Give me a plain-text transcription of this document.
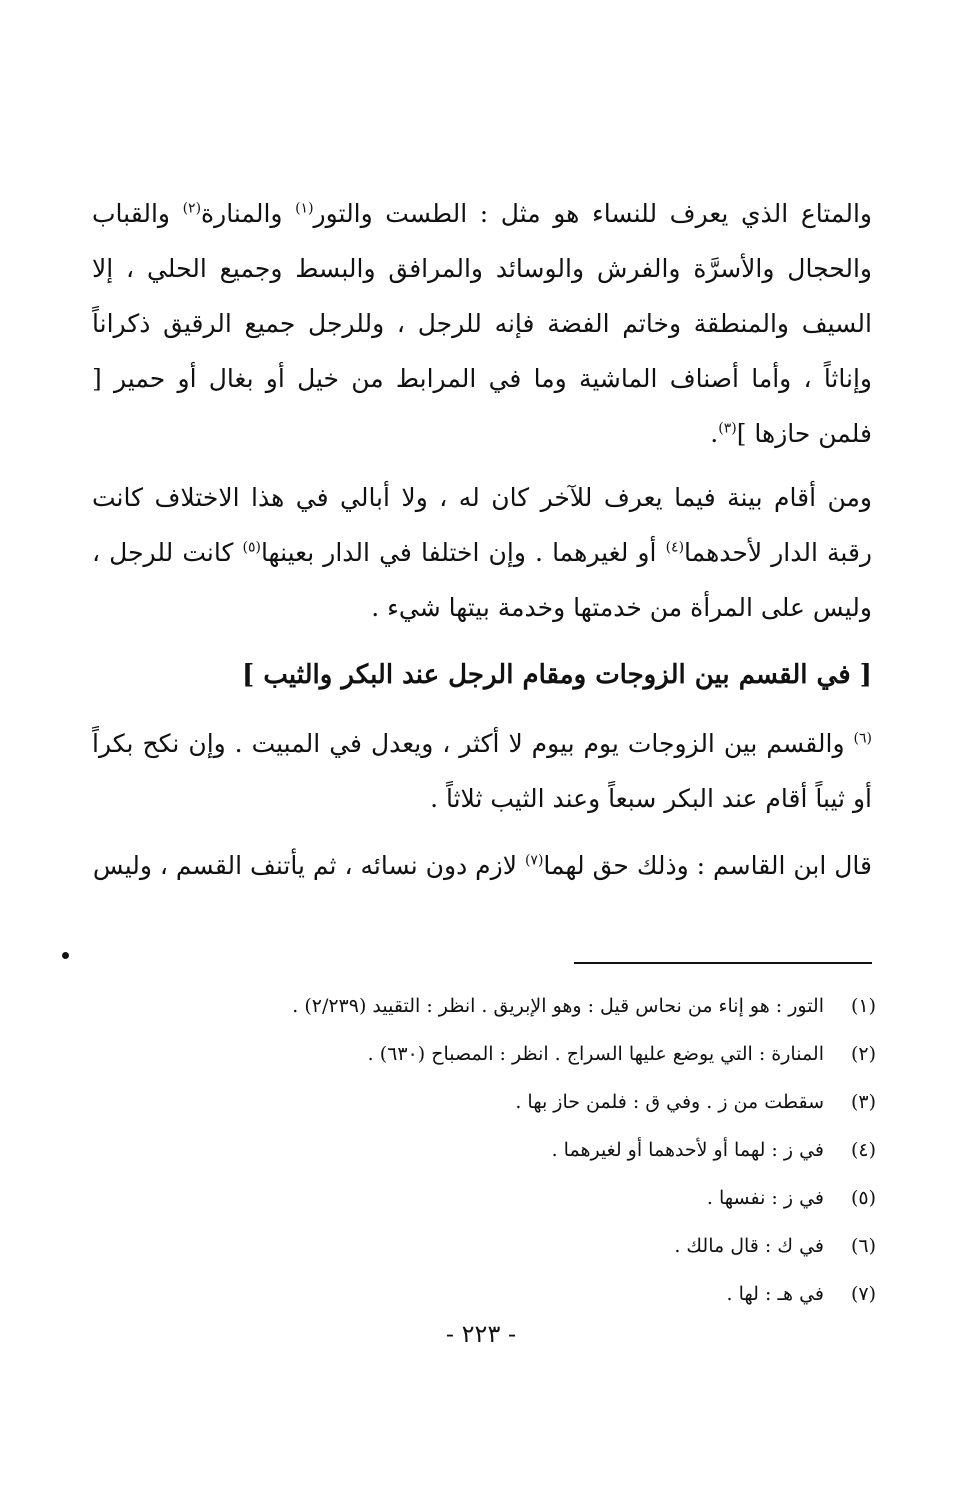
والمتاع الذي يعرف للنساء هو مثل : الطست والتور$^{(١)}$ والمنارة$^{(٢)}$ والقباب والحجال والأسرَّة والفرش والوسائد والمرافق والبسط وجميع الحلي ، إلا السيف والمنطقة وخاتم الفضة فإنه للرجل ، وللرجل جميع الرقيق ذكراناً وإناثاً ، وأما أصناف الماشية وما في المرابط من خيل أو بغال أو حمير [ فلمن حازها ]$^{(٣)}$.

ومن أقام بينة فيما يعرف للآخر كان له ، ولا أبالي في هذا الاختلاف كانت رقبة الدار لأحدهما$^{(٤)}$ أو لغيرهما . وإن اختلفا في الدار بعينها$^{(٥)}$ كانت للرجل ، وليس على المرأة من خدمتها وخدمة بيتها شيء .

[ في القسم بين الزوجات ومقام الرجل عند البكر والثيب ]

$^{(٦)}$ والقسم بين الزوجات يوم بيوم لا أكثر ، ويعدل في المبيت . وإن نكح بكراً أو ثيباً أقام عند البكر سبعاً وعند الثيب ثلاثاً .

قال ابن القاسم : وذلك حق لهما$^{(٧)}$ لازم دون نسائه ، ثم يأتنف القسم ، وليس

(١)
التور : هو إناء من نحاس قيل : وهو الإبريق . انظر : التقييد (٢/٢٣٩) .
(٢)
المنارة : التي يوضع عليها السراج . انظر : المصباح (٦٣٠) .
(٣)
سقطت من ز . وفي ق : فلمن حاز بها .
(٤)
في ز : لهما أو لأحدهما أو لغيرهما .
(٥)
في ز : نفسها .
(٦)
في ك : قال مالك .
(٧)
في هـ : لها .
- ٢٢٣ -
